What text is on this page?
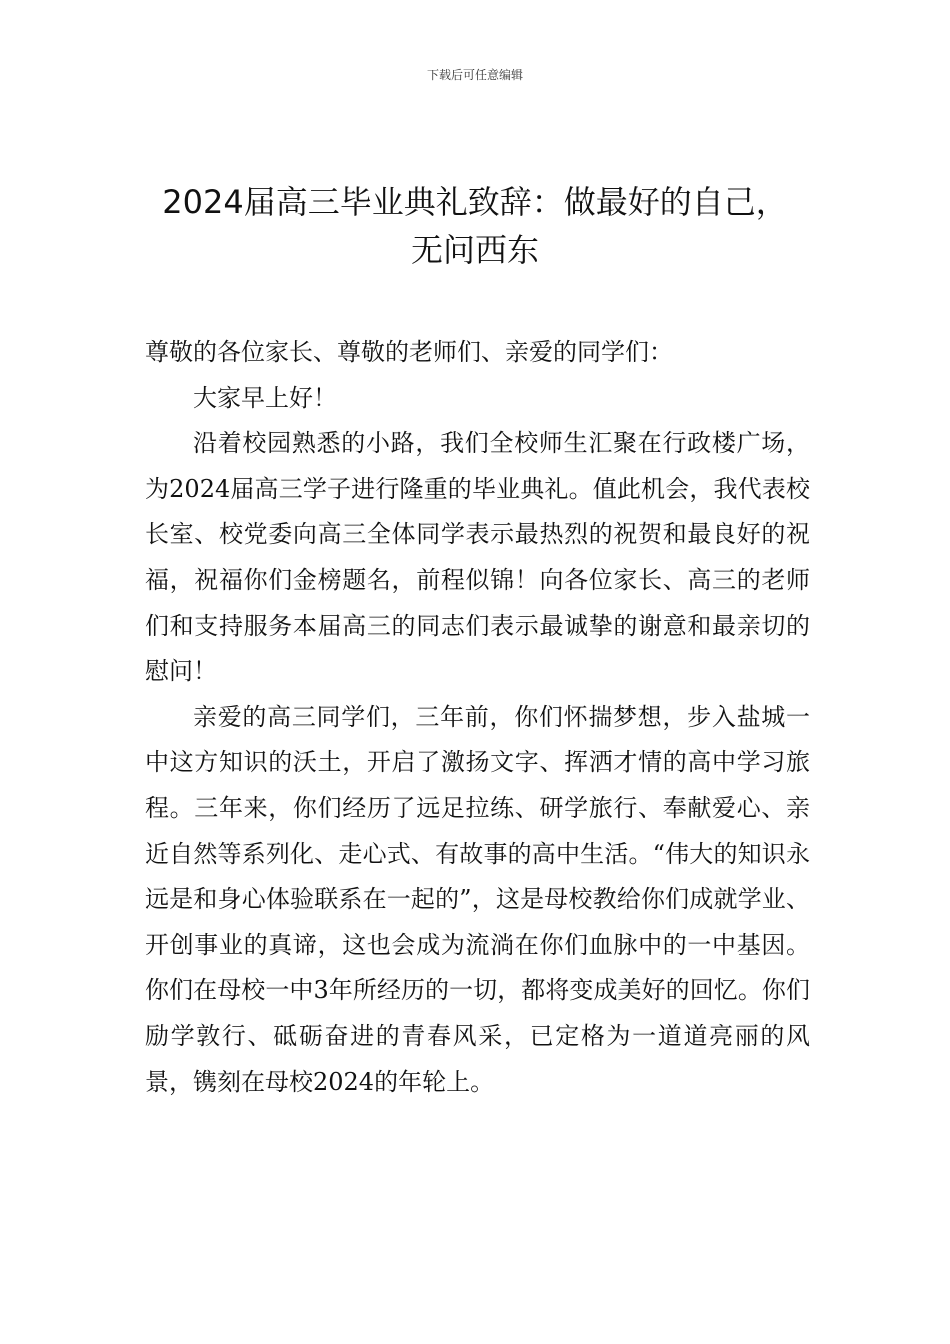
下载后可任意编辑
2024届高三毕业典礼致辞：做最好的自己，
无问西东

尊敬的各位家长、尊敬的老师们、亲爱的同学们：

大家早上好！

沿着校园熟悉的小路，我们全校师生汇聚在行政楼广场，为2024届高三学子进行隆重的毕业典礼。值此机会，我代表校长室、校党委向高三全体同学表示最热烈的祝贺和最良好的祝福，祝福你们金榜题名，前程似锦！向各位家长、高三的老师们和支持服务本届高三的同志们表示最诚挚的谢意和最亲切的慰问！

亲爱的高三同学们，三年前，你们怀揣梦想，步入盐城一中这方知识的沃土，开启了激扬文字、挥洒才情的高中学习旅程。三年来，你们经历了远足拉练、研学旅行、奉献爱心、亲近自然等系列化、走心式、有故事的高中生活。“伟大的知识永远是和身心体验联系在一起的”，这是母校教给你们成就学业、开创事业的真谛，这也会成为流淌在你们血脉中的一中基因。你们在母校一中3年所经历的一切，都将变成美好的回忆。你们励学敦行、砥砺奋进的青春风采，已定格为一道道亮丽的风景，镌刻在母校2024的年轮上。
